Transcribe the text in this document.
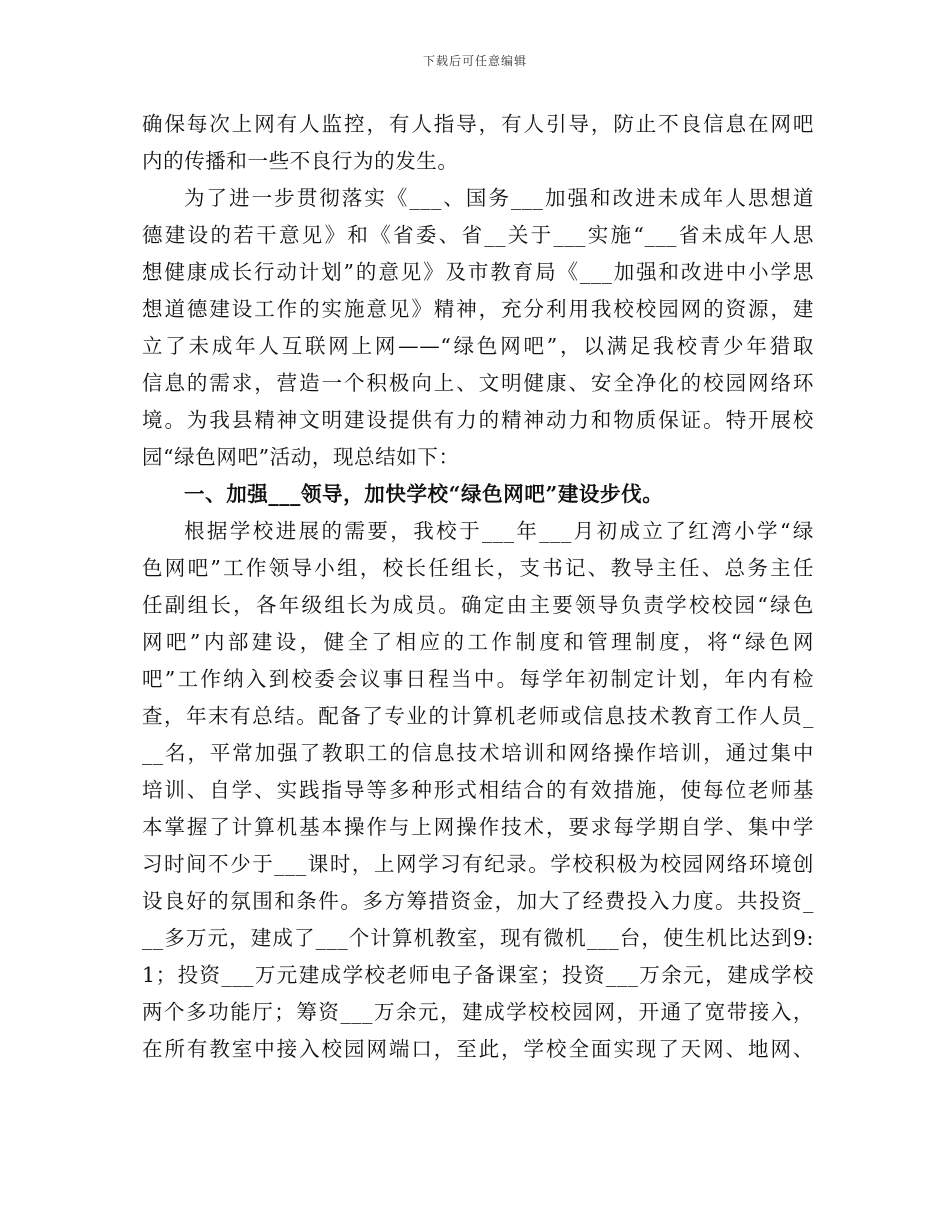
下载后可任意编辑
确保每次上网有人监控，有人指导，有人引导，防止不良信息在网吧
内的传播和一些不良行为的发生。
为了进一步贯彻落实《___、国务___加强和改进未成年人思想道
德建设的若干意见》和《省委、省__关于___实施“___省未成年人思
想健康成长行动计划”的意见》及市教育局《___加强和改进中小学思
想道德建设工作的实施意见》精神，充分利用我校校园网的资源，建
立了未成年人互联网上网——“绿色网吧”，以满足我校青少年猎取
信息的需求，营造一个积极向上、文明健康、安全净化的校园网络环
境。为我县精神文明建设提供有力的精神动力和物质保证。特开展校
园“绿色网吧”活动，现总结如下：
一、加强___领导，加快学校“绿色网吧”建设步伐。
根据学校进展的需要，我校于___年___月初成立了红湾小学“绿
色网吧”工作领导小组，校长任组长，支书记、教导主任、总务主任
任副组长，各年级组长为成员。确定由主要领导负责学校校园“绿色
网吧”内部建设，健全了相应的工作制度和管理制度，将“绿色网
吧”工作纳入到校委会议事日程当中。每学年初制定计划，年内有检
查，年末有总结。配备了专业的计算机老师或信息技术教育工作人员_
__名，平常加强了教职工的信息技术培训和网络操作培训，通过集中
培训、自学、实践指导等多种形式相结合的有效措施，使每位老师基
本掌握了计算机基本操作与上网操作技术，要求每学期自学、集中学
习时间不少于___课时，上网学习有纪录。学校积极为校园网络环境创
设良好的氛围和条件。多方筹措资金，加大了经费投入力度。共投资_
__多万元，建成了___个计算机教室，现有微机___台，使生机比达到9:
1；投资___万元建成学校老师电子备课室；投资___万余元，建成学校
两个多功能厅；筹资___万余元，建成学校校园网，开通了宽带接入，
在所有教室中接入校园网端口，至此，学校全面实现了天网、地网、
